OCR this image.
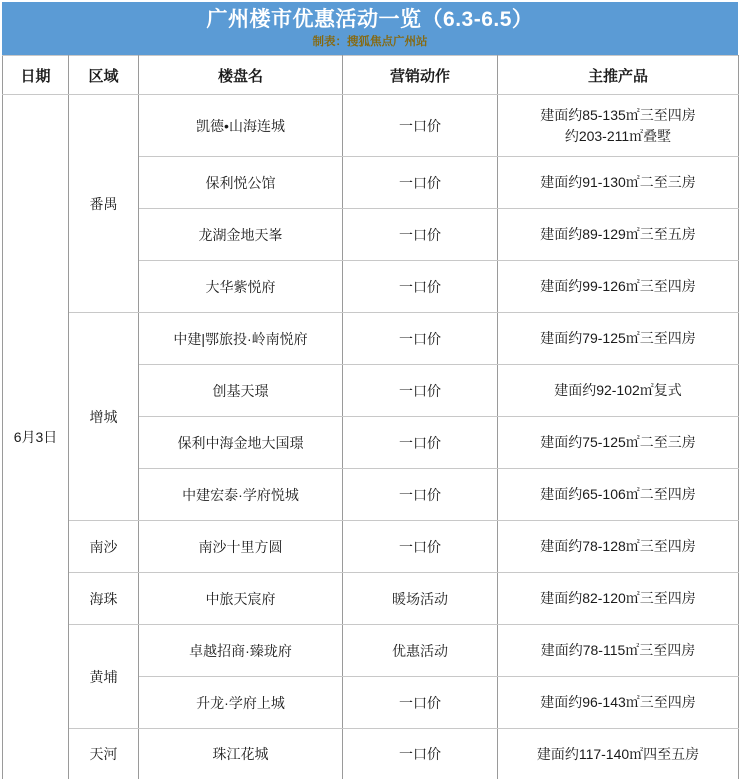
广州楼市优惠活动一览（6.3-6.5）
制表：搜狐焦点广州站
日期	区域	楼盘名	营销动作	主推产品
6月3日	番禺	凯德•山海连城	一口价	建面约85-135㎡三至四房
约203-211㎡叠墅

		保利悦公馆	一口价	建面约91-130㎡二至三房

		龙湖金地天峯	一口价	建面约89-129㎡三至五房

		大华紫悦府	一口价	建面约99-126㎡三至四房

	增城	中建|鄂旅投·岭南悦府	一口价	建面约79-125㎡三至四房

		创基天璟	一口价	建面约92-102㎡复式

		保利中海金地大国璟	一口价	建面约75-125㎡二至三房

		中建宏泰·学府悦城	一口价	建面约65-106㎡二至四房

	南沙	南沙十里方圆	一口价	建面约78-128㎡三至四房

	海珠	中旅天宸府	暖场活动	建面约82-120㎡三至四房

	黄埔	卓越招商·臻珑府	优惠活动	建面约78-115㎡三至四房

		升龙·学府上城	一口价	建面约96-143㎡三至四房

	天河	珠江花城	一口价	建面约117-140㎡四至五房
